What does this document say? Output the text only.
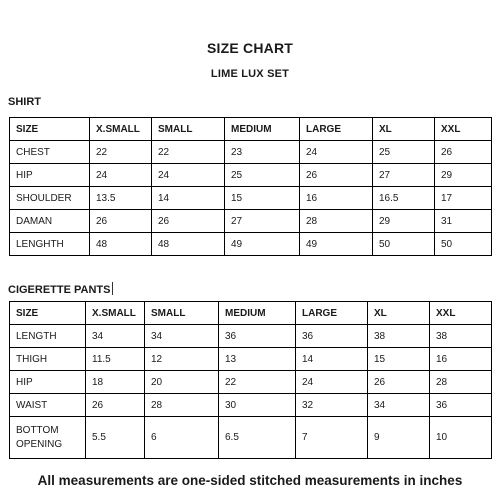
SIZE CHART
LIME LUX SET
SHIRT
SIZE	X.SMALL	SMALL	MEDIUM	LARGE	XL	XXL
CHEST	22	22	23	24	25	26
HIP	24	24	25	26	27	29
SHOULDER	13.5	14	15	16	16.5	17
DAMAN	26	26	27	28	29	31
LENGHTH	48	48	49	49	50	50
CIGERETTE PANTS
SIZE	X.SMALL	SMALL	MEDIUM	LARGE	XL	XXL
LENGTH	34	34	36	36	38	38
THIGH	11.5	12	13	14	15	16
HIP	18	20	22	24	26	28
WAIST	26	28	30	32	34	36
BOTTOM OPENING	5.5	6	6.5	7	9	10
All measurements are one-sided stitched measurements in inches
